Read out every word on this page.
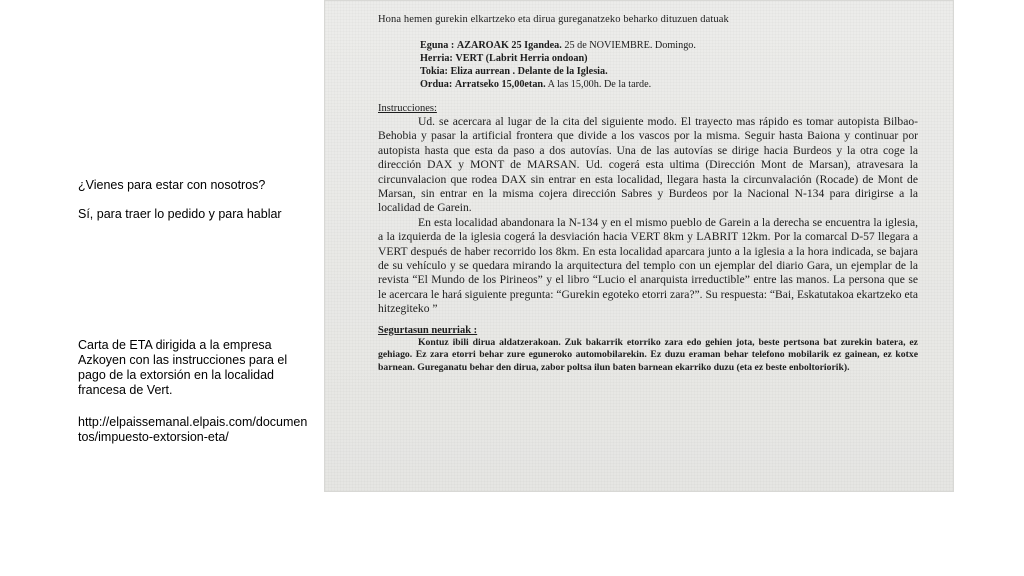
¿Vienes para estar con nosotros?

Sí, para traer lo pedido y para hablar

Carta de ETA dirigida a la empresa Azkoyen con las instrucciones para el pago de la extorsión en la localidad francesa de Vert.

http://elpaissemanal.elpais.com/documentos/impuesto-extorsion-eta/

Hona hemen gurekin elkartzeko eta dirua gureganatzeko beharko dituzuen datuak
Eguna : AZAROAK 25 Igandea. 25 de NOVIEMBRE. Domingo.
Herria: VERT (Labrit Herria ondoan)
Tokia: Eliza aurrean . Delante de la Iglesia.
Ordua: Arratseko 15,00etan. A las 15,00h. De la tarde.
Instrucciones:

Ud. se acercara al lugar de la cita del siguiente modo. El trayecto mas rápido es tomar autopista Bilbao-Behobia y pasar la artificial frontera que divide a los vascos por la misma. Seguir hasta Baiona y continuar por autopista hasta que esta da paso a dos autovías. Una de las autovías se dirige hacia Burdeos y la otra coge la dirección DAX y MONT de MARSAN. Ud. cogerá esta ultima (Dirección Mont de Marsan), atravesara la circunvalacion que rodea DAX sin entrar en esta localidad, llegara hasta la circunvalación (Rocade) de Mont de Marsan, sin entrar en la misma cojera dirección Sabres y Burdeos por la Nacional N-134 para dirigirse a la localidad de Garein.

En esta localidad abandonara la N-134 y en el mismo pueblo de Garein a la derecha se encuentra la iglesia, a la izquierda de la iglesia cogerá la desviación hacia VERT 8km y LABRIT 12km. Por la comarcal D-57 llegara a VERT después de haber recorrido los 8km. En esta localidad aparcara junto a la iglesia a la hora indicada, se bajara de su vehículo y se quedara mirando la arquitectura del templo con un ejemplar del diario Gara, un ejemplar de la revista “El Mundo de los Pirineos” y el libro “Lucio el anarquista irreductible” entre las manos. La persona que se le acercara le hará siguiente pregunta: “Gurekin egoteko etorri zara?”. Su respuesta: “Bai, Eskatutakoa ekartzeko eta hitzegiteko ”

Segurtasun neurriak :

Kontuz ibili dirua aldatzerakoan. Zuk bakarrik etorriko zara edo gehien jota, beste pertsona bat zurekin batera, ez gehiago. Ez zara etorri behar zure eguneroko automobilarekin. Ez duzu eraman behar telefono mobilarik ez gainean, ez kotxe barnean. Gureganatu behar den dirua, zabor poltsa ilun baten barnean ekarriko duzu (eta ez beste enboltoriorik).
